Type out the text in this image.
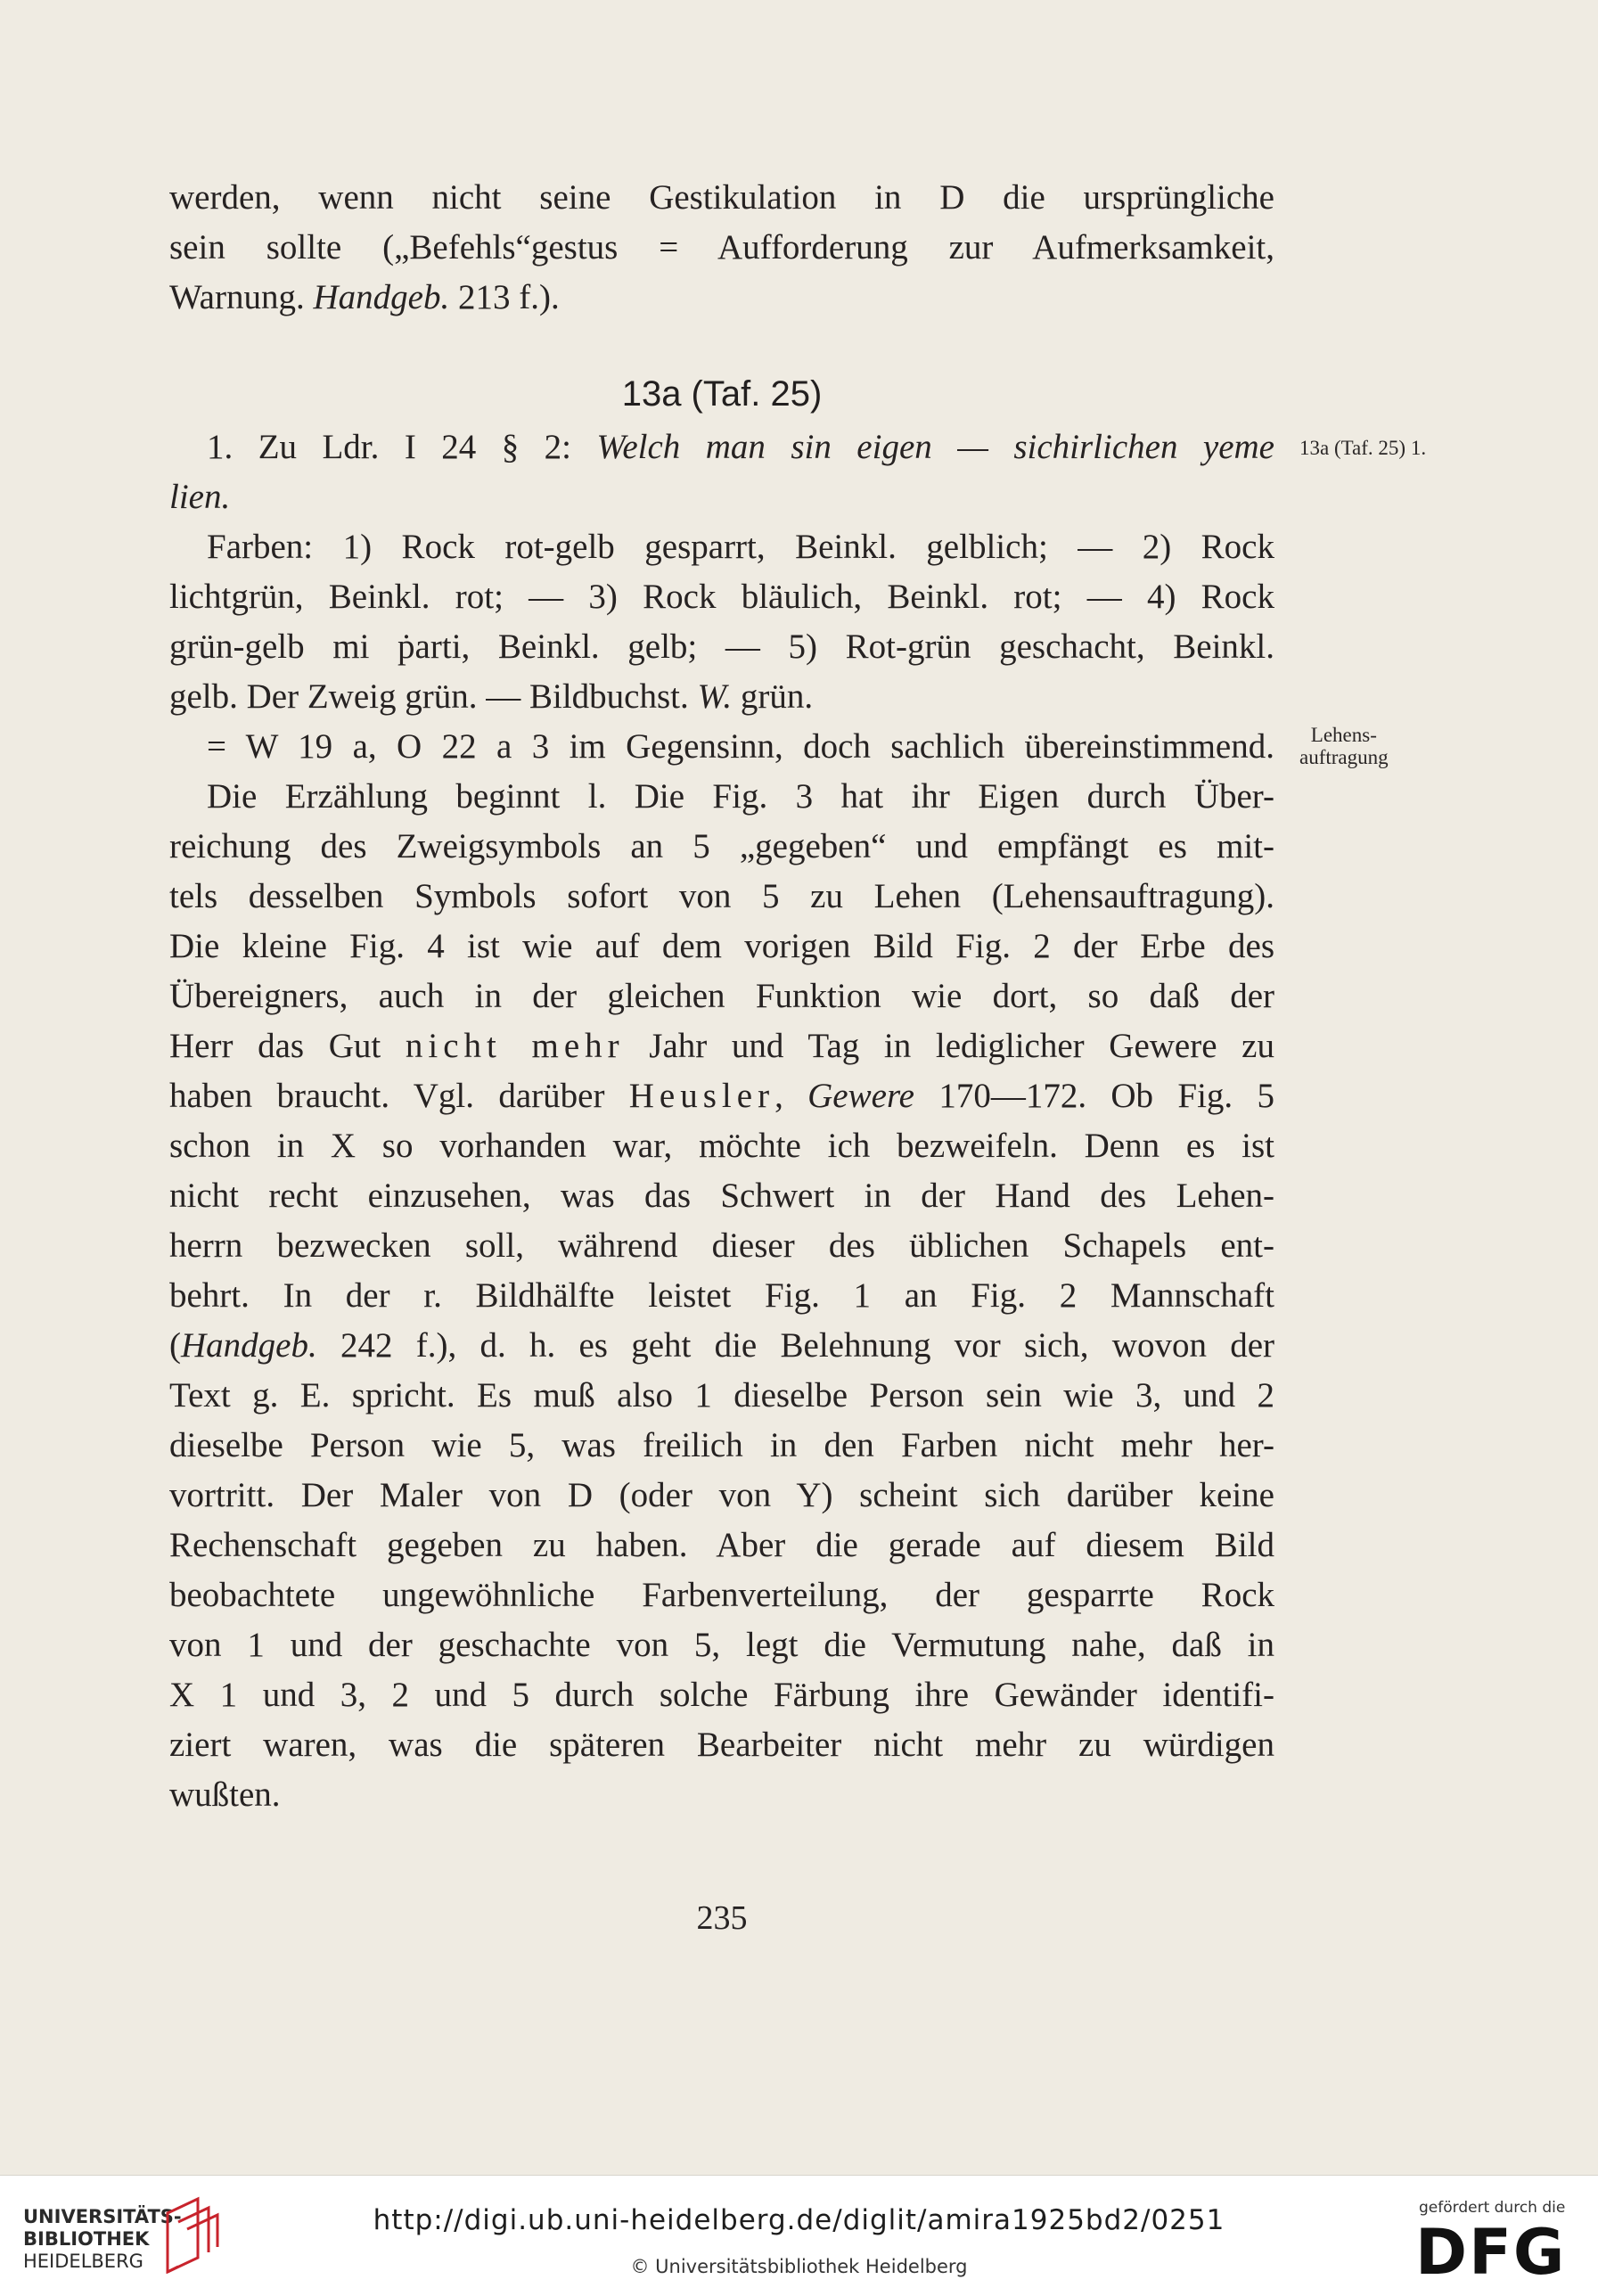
werden, wenn nicht seine Gestikulation in D die ursprüngliche
sein sollte („Befehls“gestus = Aufforderung zur Aufmerksamkeit,
Warnung. Handgeb. 213 f.).
13a (Taf. 25)
1. Zu Ldr. I 24 § 2: Welch man sin eigen — sichirlichen yeme
lien.
Farben: 1) Rock rot-gelb gesparrt, Beinkl. gelblich; — 2) Rock
lichtgrün, Beinkl. rot; — 3) Rock bläulich, Beinkl. rot; — 4) Rock
grün-gelb mi ṗarti, Beinkl. gelb; — 5) Rot-grün geschacht, Beinkl.
gelb. Der Zweig grün. — Bildbuchst. W. grün.
= W 19 a, O 22 a 3 im Gegensinn, doch sachlich übereinstimmend.
Die Erzählung beginnt l. Die Fig. 3 hat ihr Eigen durch Über-
reichung des Zweigsymbols an 5 „gegeben“ und empfängt es mit-
tels desselben Symbols sofort von 5 zu Lehen (Lehensauftragung).
Die kleine Fig. 4 ist wie auf dem vorigen Bild Fig. 2 der Erbe des
Übereigners, auch in der gleichen Funktion wie dort, so daß der
Herr das Gut nicht mehr Jahr und Tag in lediglicher Gewere zu
haben braucht. Vgl. darüber Heusler, Gewere 170—172. Ob Fig. 5
schon in X so vorhanden war, möchte ich bezweifeln. Denn es ist
nicht recht einzusehen, was das Schwert in der Hand des Lehen-
herrn bezwecken soll, während dieser des üblichen Schapels ent-
behrt. In der r. Bildhälfte leistet Fig. 1 an Fig. 2 Mannschaft
(Handgeb. 242 f.), d. h. es geht die Belehnung vor sich, wovon der
Text g. E. spricht. Es muß also 1 dieselbe Person sein wie 3, und 2
dieselbe Person wie 5, was freilich in den Farben nicht mehr her-
vortritt. Der Maler von D (oder von Y) scheint sich darüber keine
Rechenschaft gegeben zu haben. Aber die gerade auf diesem Bild
beobachtete ungewöhnliche Farbenverteilung, der gesparrte Rock
von 1 und der geschachte von 5, legt die Vermutung nahe, daß in
X 1 und 3, 2 und 5 durch solche Färbung ihre Gewänder identifi-
ziert waren, was die späteren Bearbeiter nicht mehr zu würdigen
wußten.
13a (Taf. 25) 1.
Lehens-
auftragung
235
UNIVERSITÄTS-
BIBLIOTHEK
HEIDELBERG
http://digi.ub.uni-heidelberg.de/diglit/amira1925bd2/0251
© Universitätsbibliothek Heidelberg
gefördert durch die
DFG
